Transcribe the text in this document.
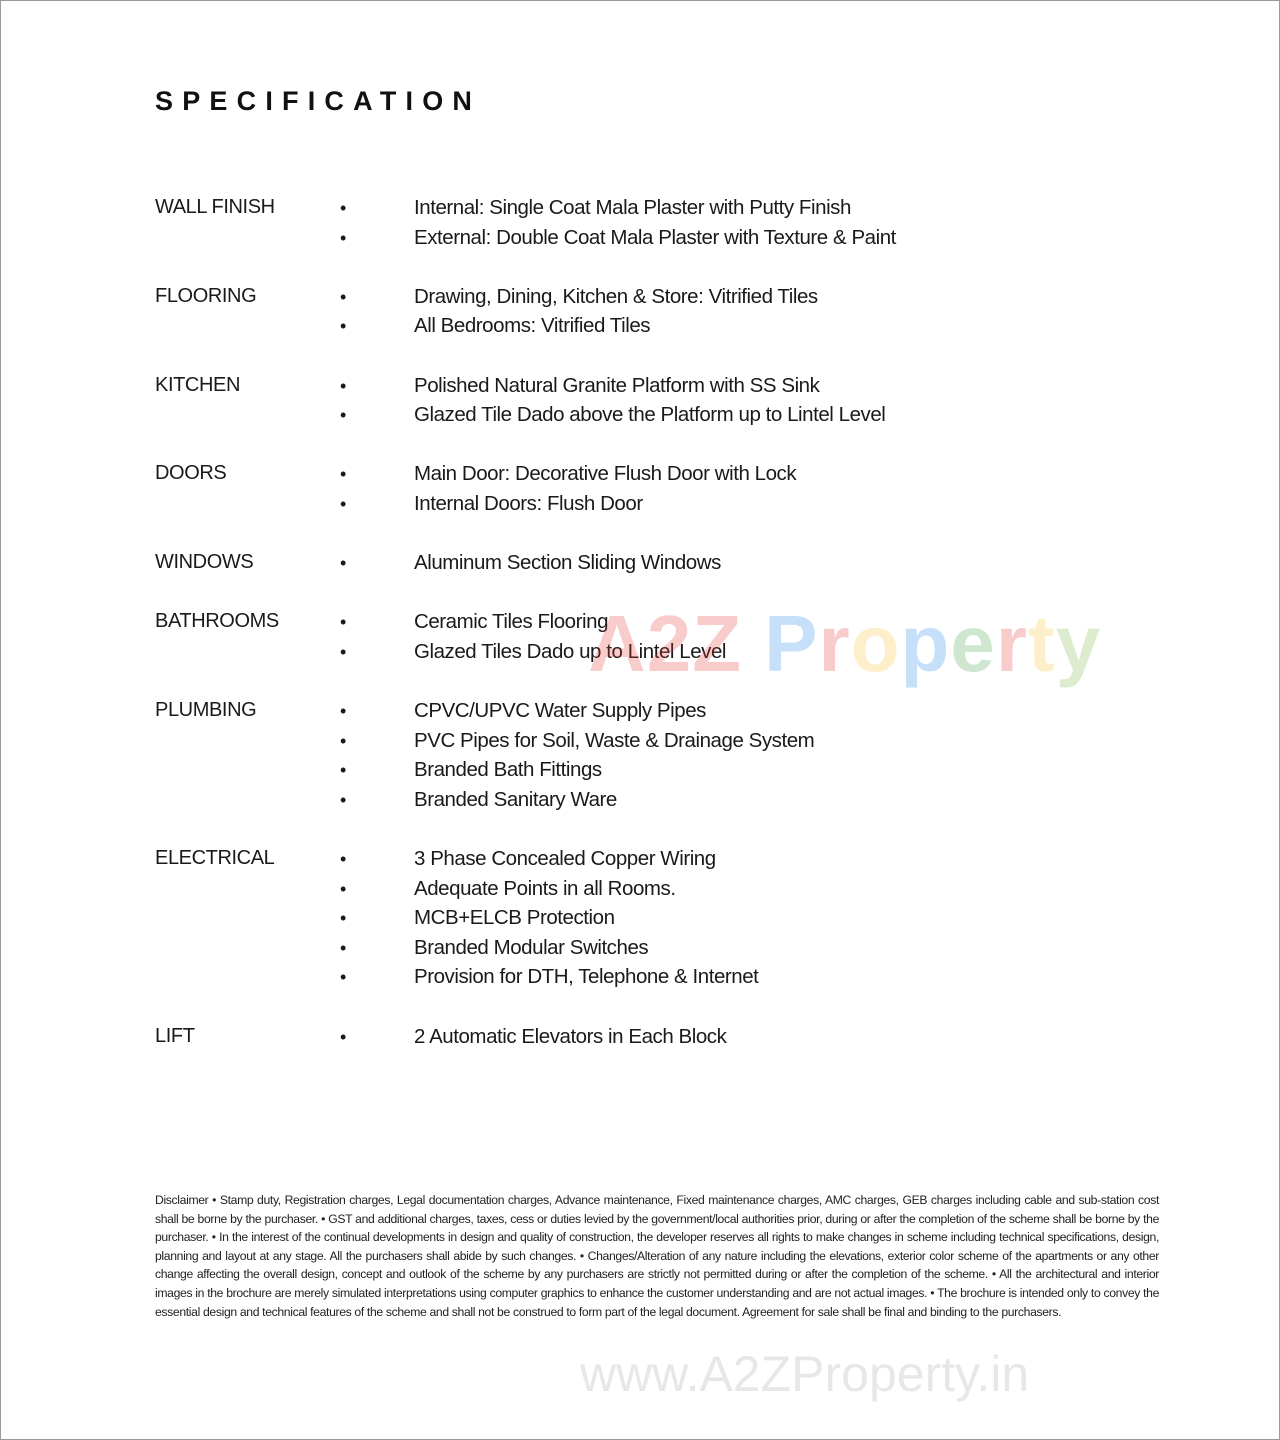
SPECIFICATION
WALL FINISH	•	Internal: Single Coat Mala Plaster with Putty Finish
•	External: Double Coat Mala Plaster with Texture & Paint
FLOORING	•	Drawing, Dining, Kitchen & Store: Vitrified Tiles
•	All Bedrooms: Vitrified Tiles
KITCHEN	•	Polished Natural Granite Platform with SS Sink
•	Glazed Tile Dado above the Platform up to Lintel Level
DOORS	•	Main Door: Decorative Flush Door with Lock
•	Internal Doors: Flush Door
WINDOWS	•	Aluminum Section Sliding Windows
BATHROOMS	•	Ceramic Tiles Flooring
•	Glazed Tiles Dado up to Lintel Level
PLUMBING	•	CPVC/UPVC Water Supply Pipes
•	PVC Pipes for Soil, Waste & Drainage System
•	Branded Bath Fittings
•	Branded Sanitary Ware
ELECTRICAL	•	3 Phase Concealed Copper Wiring
•	Adequate Points in all Rooms.
•	MCB+ELCB Protection
•	Branded Modular Switches
•	Provision for DTH, Telephone & Internet
LIFT	•	2 Automatic Elevators in Each Block
A2Z Property
Disclaimer • Stamp duty, Registration charges, Legal documentation charges, Advance maintenance, Fixed maintenance charges, AMC charges, GEB charges including cable and sub-station cost shall be borne by the purchaser. • GST and additional charges, taxes, cess or duties levied by the government/local authorities prior, during or after the completion of the scheme shall be borne by the purchaser. • In the interest of the continual developments in design and quality of construction, the developer reserves all rights to make changes in scheme including technical specifications, design, planning and layout at any stage. All the purchasers shall abide by such changes. • Changes/Alteration of any nature including the elevations, exterior color scheme of the apartments or any other change affecting the overall design, concept and outlook of the scheme by any purchasers are strictly not permitted during or after the completion of the scheme. • All the architectural and interior images in the brochure are merely simulated interpretations using computer graphics to enhance the customer understanding and are not actual images. • The brochure is intended only to convey the essential design and technical features of the scheme and shall not be construed to form part of the legal document. Agreement for sale shall be final and binding to the purchasers.
www.A2ZProperty.in
